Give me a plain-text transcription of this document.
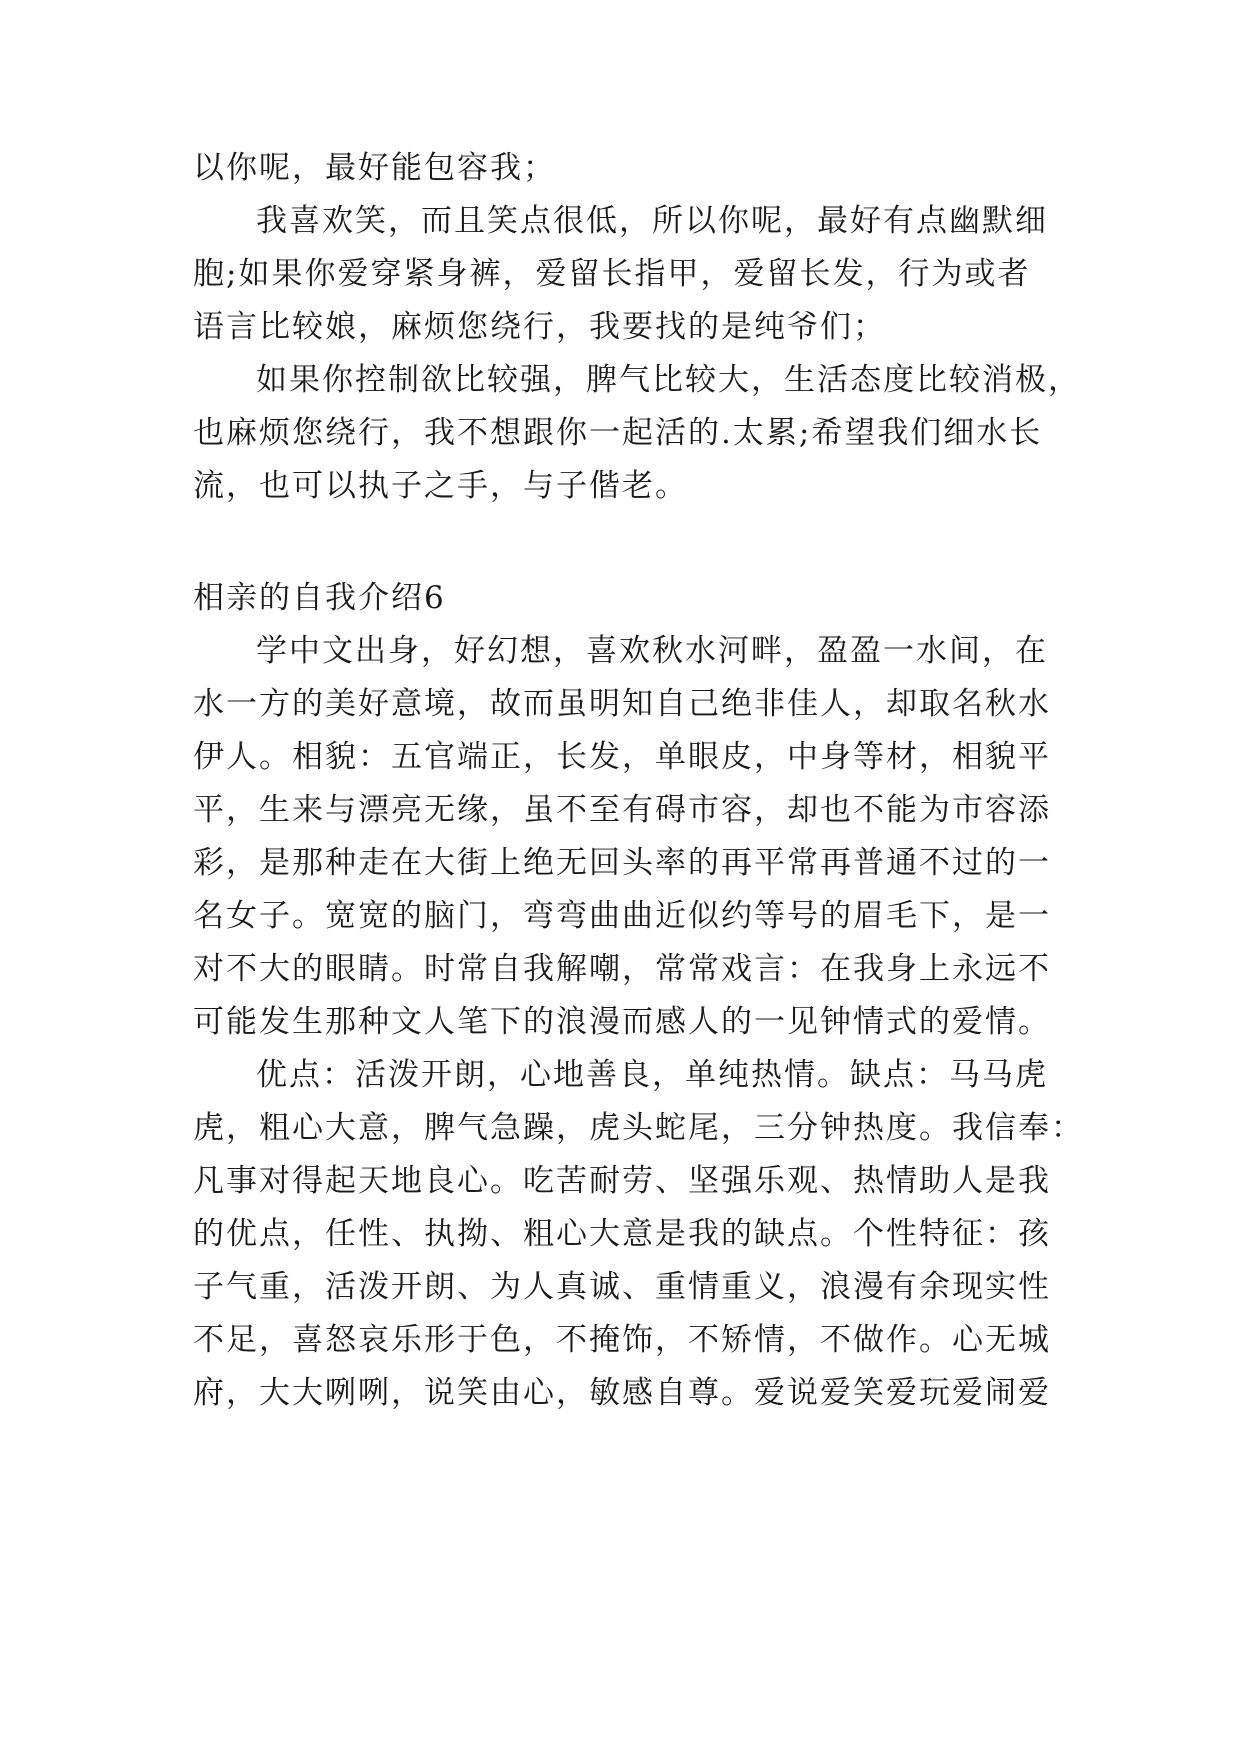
以你呢，最好能包容我；
我喜欢笑，而且笑点很低，所以你呢，最好有点幽默细
胞;如果你爱穿紧身裤，爱留长指甲，爱留长发，行为或者
语言比较娘，麻烦您绕行，我要找的是纯爷们；
如果你控制欲比较强，脾气比较大，生活态度比较消极，
也麻烦您绕行，我不想跟你一起活的.太累;希望我们细水长
流，也可以执子之手，与子偕老。
相亲的自我介绍6
学中文出身，好幻想，喜欢秋水河畔，盈盈一水间，在
水一方的美好意境，故而虽明知自己绝非佳人，却取名秋水
伊人。相貌：五官端正，长发，单眼皮，中身等材，相貌平
平，生来与漂亮无缘，虽不至有碍市容，却也不能为市容添
彩，是那种走在大街上绝无回头率的再平常再普通不过的一
名女子。宽宽的脑门，弯弯曲曲近似约等号的眉毛下，是一
对不大的眼睛。时常自我解嘲，常常戏言：在我身上永远不
可能发生那种文人笔下的浪漫而感人的一见钟情式的爱情。
优点：活泼开朗，心地善良，单纯热情。缺点：马马虎
虎，粗心大意，脾气急躁，虎头蛇尾，三分钟热度。我信奉：
凡事对得起天地良心。吃苦耐劳、坚强乐观、热情助人是我
的优点，任性、执拗、粗心大意是我的缺点。个性特征：孩
子气重，活泼开朗、为人真诚、重情重义，浪漫有余现实性
不足，喜怒哀乐形于色，不掩饰，不矫情，不做作。心无城
府，大大咧咧，说笑由心，敏感自尊。爱说爱笑爱玩爱闹爱
